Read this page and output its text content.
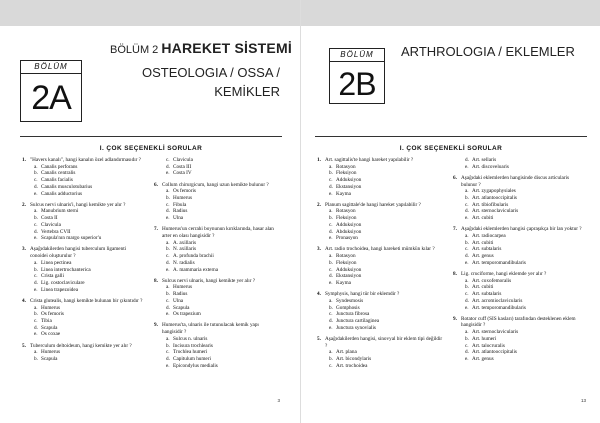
BÖLÜM 2 HAREKET SİSTEMİ
BÖLÜM
2A
OSTEOLOGIA / OSSA /
KEMİKLER
I. ÇOK SEÇENEKLİ SORULAR
1. "Havers kanalı", hangi kanalın özel adlandırmasıdır ?
a. Canalis perforans
b. Canalis centralis
c. Canalis facialis
d. Canalis musculotubarius
e. Canalis adductorius
2. Sulcus nervi ulnaris'i, hangi kemikte yer alır ?
a. Manubrium sterni
b. Costa II
c. Clavicula
d. Vertebra CVII
e. Scapula'nın margo superior'u
3. Aşağıdakilerden hangisi tuberculum ligamenti conoidei oluşturulur ?
a. Linea pectinea
b. Linea intertrochanterica
c. Crista galli
d. Lig. costoclaviculare
e. Linea trapezoidea
4. Crista glutealis, hangi kemikte bulunan bir çıkıntıdır ?
a. Humerus
b. Os femoris
c. Tibia
d. Scapula
e. Os coxae
5. Tuberculum deltoideum, hangi kemikte yer alır ?
a. Humerus
b. Scapula
c. Clavicula
d. Costa III
e. Costa IV
6. Collum chirurgicum, hangi uzun kemikte bulunur ?
a. Os femoris
b. Humerus
c. Fibula
d. Radius
e. Ulna
7. Humerus'un cerrahi boynunun kırıklarında, hasar alan arter en olası hangisidir ?
a. A. axillaris
b. N. axillaris
c. A. profunda brachii
d. N. radialis
e. A. mammaria externa
8. Sulcus nervi ulnaris, hangi kemikte yer alır ?
a. Humerus
b. Radius
c. Ulna
d. Scapula
e. Os trapezium
9. Humerus'ta, ulnaris ile tutunulacak kemik yapı hangisidir ?
a. Sulcus n. ulnaris
b. Incisura trochlearis
c. Trochlea humeri
d. Capitulum humeri
e. Epicondylus medialis
3
BÖLÜM
2B
ARTHROLOGIA / EKLEMLER
I. ÇOK SEÇENEKLİ SORULAR
1. Art. sagittalis'te hangi hareket yapılabilir ?
a. Rotasyon
b. Fleksiyon
c. Adduksiyon
d. Ekstansiyon
e. Kayma
2. Planum sagittale'de hangi hareket yapılabilir ?
a. Rotasyon
b. Fleksiyon
c. Adduksiyon
d. Abduksiyon
e. Pronasyon
3. Art. radio trochoidea, hangi hareketi mümkün kılar ?
a. Rotasyon
b. Fleksiyon
c. Adduksiyon
d. Ekstansiyon
e. Kayma
4. Symphysis, hangi tür bir eklemdir ?
a. Syndesmosis
b. Gomphosis
c. Junctura fibrosa
d. Junctura cartilaginea
e. Junctura synovialis
5. Aşağıdakilerden hangisi, sinovyal bir eklem tipi değildir ?
a. Art. plana
b. Art. bicondylaris
c. Art. trochoidea
d. Art. sellaris
e. Art. discoveloaris
6. Aşağıdaki eklemlerden hangisinde discus articularis bulunur ?
a. Art. zygapophysiales
b. Art. atlantooccipitalis
c. Art. tibiofibularis
d. Art. sternoclavicularis
e. Art. cubiti
7. Aşağıdaki eklemlerden hangisi çapraşıkça bir lan yoktur ?
a. Art. radiocarpea
b. Art. cubiti
c. Art. subtalaris
d. Art. genus
e. Art. temporomandibularis
8. Lig. cruciforme, hangi eklemde yer alır ?
a. Art. coxofemoralis
b. Art. cubiti
c. Art. subtalaris
d. Art. acromioclavicularis
e. Art. temporomandibularis
9. Rotator cuff (SIS kasları) tarafından desteklenen eklem hangisidir ?
a. Art. sternoclavicularis
b. Art. humeri
c. Art. talocruralis
d. Art. atlantooccipitalis
e. Art. genus
13
